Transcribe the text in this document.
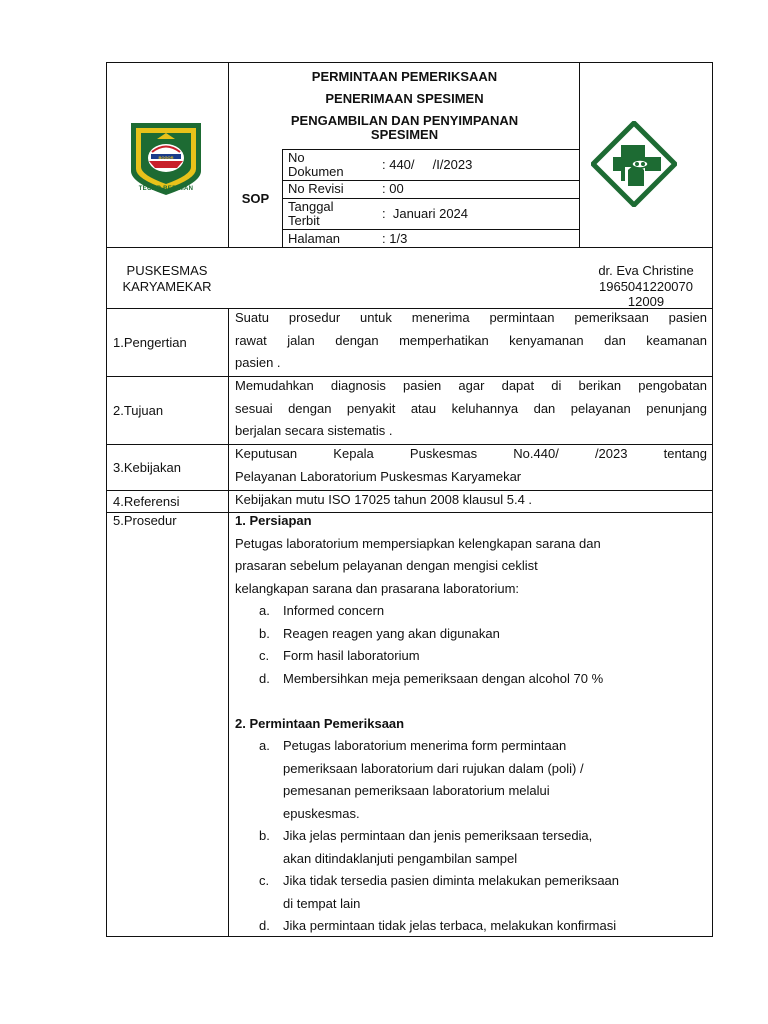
TEGAR BERIMAN
BOGOR
PERMINTAAN PEMERIKSAAN
PENERIMAAN SPESIMEN
PENGAMBILAN DAN PENYIMPANAN
SPESIMEN
SOP
No
Dokumen	: 440/     /I/2023
No Revisi	: 00
Tanggal
Terbit	:  Januari 2024
Halaman	: 1/3
PUSKESMAS
KARYAMEKAR
dr. Eva Christine
1965041220070
12009
1.Pengertian
Suatu prosedur untuk menerima permintaan pemeriksaan pasien
rawat jalan dengan memperhatikan kenyamanan dan keamanan
pasien .
2.Tujuan
Memudahkan diagnosis pasien agar dapat di berikan pengobatan
sesuai dengan penyakit atau keluhannya dan pelayanan penunjang
berjalan secara sistematis .
3.Kebijakan
Keputusan Kepala Puskesmas No.440/ /2023 tentang
Pelayanan Laboratorium Puskesmas Karyamekar
4.Referensi	Kebijakan mutu ISO 17025 tahun 2008 klausul 5.4 .
5.Prosedur	1. Persiapan
Petugas laboratorium mempersiapkan kelengkapan sarana dan
prasaran sebelum pelayanan dengan mengisi ceklist
kelangkapan sarana dan prasarana laboratorium:
a. Informed concern
b. Reagen reagen yang akan digunakan
c. Form hasil laboratorium
d. Membersihkan meja pemeriksaan dengan alcohol 70 %
2. Permintaan Pemeriksaan
a. Petugas laboratorium menerima form permintaan
pemeriksaan laboratorium dari rujukan dalam (poli) /
pemesanan pemeriksaan laboratorium melalui
epuskesmas.
b. Jika jelas permintaan dan jenis pemeriksaan tersedia,
akan ditindaklanjuti pengambilan sampel
c. Jika tidak tersedia pasien diminta melakukan pemeriksaan
di tempat lain
d. Jika permintaan tidak jelas terbaca, melakukan konfirmasi
